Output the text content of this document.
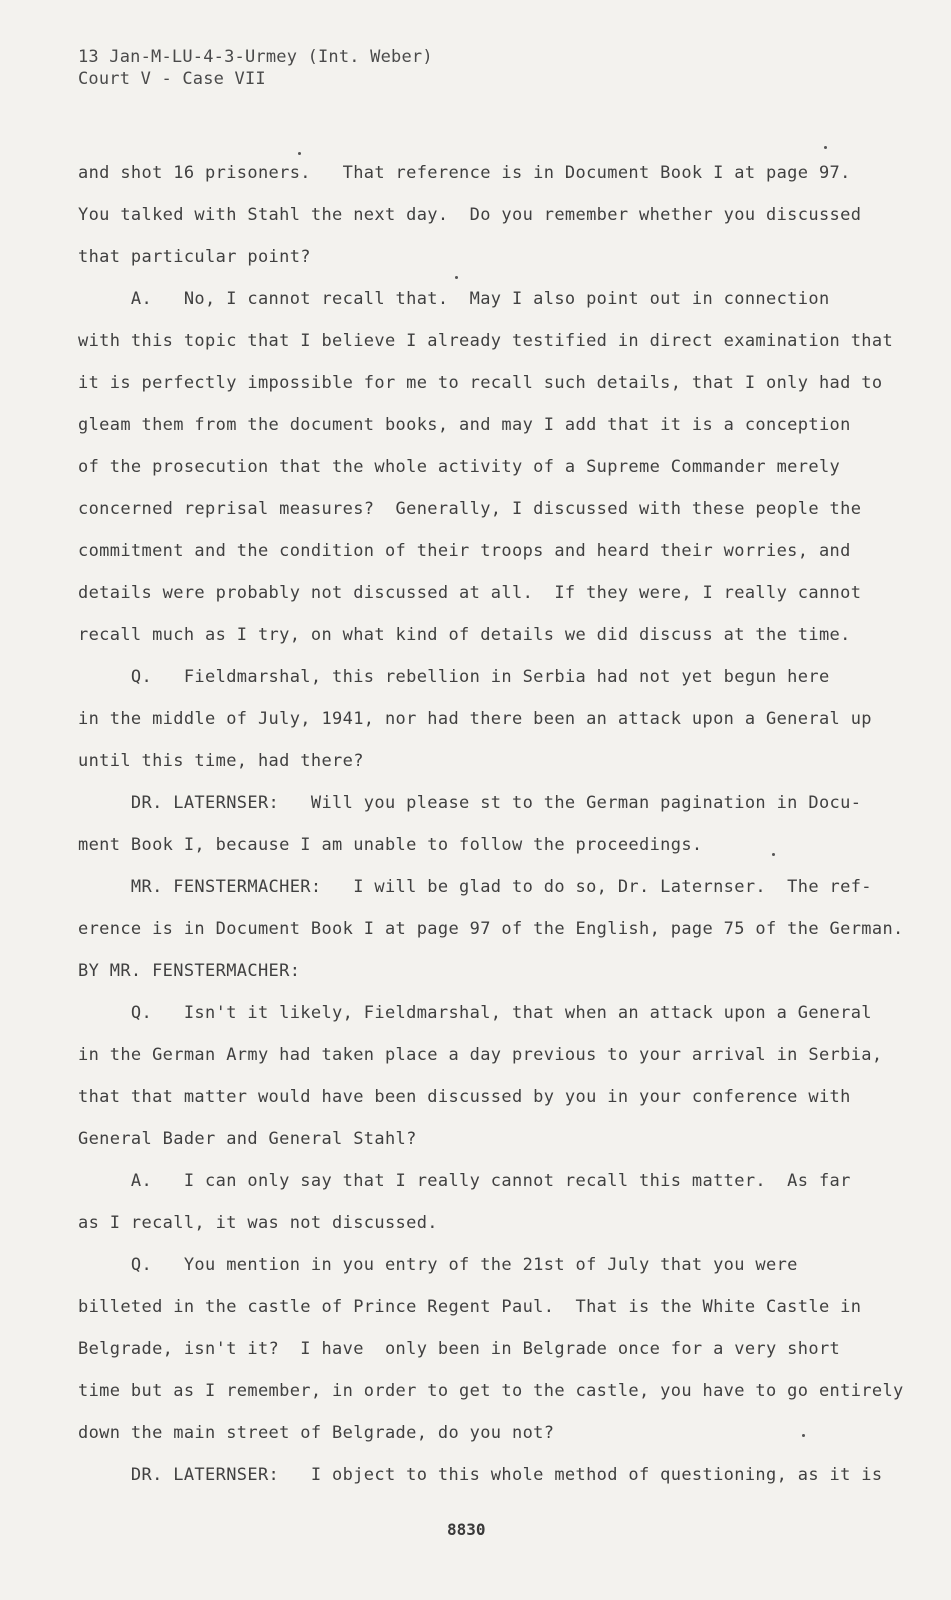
13 Jan-M-LU-4-3-Urmey (Int. Weber)
Court V - Case VII
and shot 16 prisoners.   That reference is in Document Book I at page 97.
You talked with Stahl the next day.  Do you remember whether you discussed
that particular point?
A.   No, I cannot recall that.  May I also point out in connection
with this topic that I believe I already testified in direct examination that
it is perfectly impossible for me to recall such details, that I only had to
gleam them from the document books, and may I add that it is a conception
of the prosecution that the whole activity of a Supreme Commander merely
concerned reprisal measures?  Generally, I discussed with these people the
commitment and the condition of their troops and heard their worries, and
details were probably not discussed at all.  If they were, I really cannot
recall much as I try, on what kind of details we did discuss at the time.
Q.   Fieldmarshal, this rebellion in Serbia had not yet begun here
in the middle of July, 1941, nor had there been an attack upon a General up
until this time, had there?
DR. LATERNSER:   Will you please st to the German pagination in Docu-
ment Book I, because I am unable to follow the proceedings.
MR. FENSTERMACHER:   I will be glad to do so, Dr. Laternser.  The ref-
erence is in Document Book I at page 97 of the English, page 75 of the German.
BY MR. FENSTERMACHER:
Q.   Isn't it likely, Fieldmarshal, that when an attack upon a General
in the German Army had taken place a day previous to your arrival in Serbia,
that that matter would have been discussed by you in your conference with
General Bader and General Stahl?
A.   I can only say that I really cannot recall this matter.  As far
as I recall, it was not discussed.
Q.   You mention in you entry of the 21st of July that you were
billeted in the castle of Prince Regent Paul.  That is the White Castle in
Belgrade, isn't it?  I have  only been in Belgrade once for a very short
time but as I remember, in order to get to the castle, you have to go entirely
down the main street of Belgrade, do you not?
DR. LATERNSER:   I object to this whole method of questioning, as it is
8830
